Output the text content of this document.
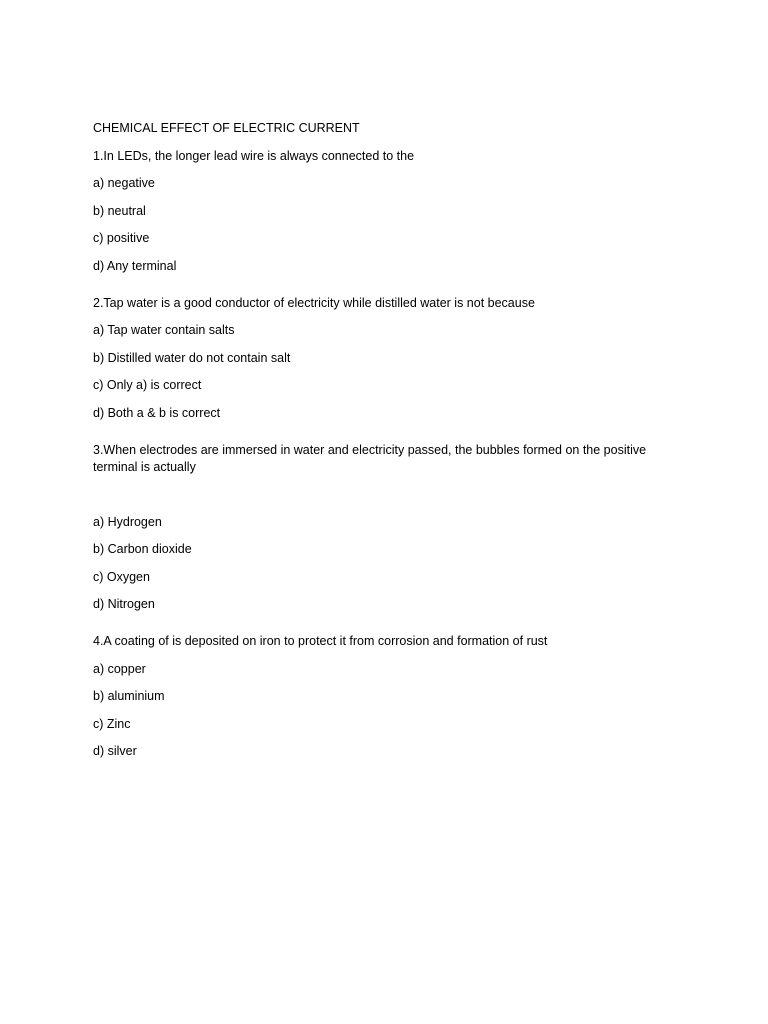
CHEMICAL EFFECT OF ELECTRIC CURRENT
1.In LEDs, the longer lead wire is always connected to the
a) negative
b) neutral
c) positive
d) Any terminal
2.Tap water is a good conductor of electricity while distilled water is not because
a) Tap water contain salts
b) Distilled water do not contain salt
c) Only a) is correct
d) Both a & b is correct
3.When electrodes are immersed in water and electricity passed, the bubbles formed on the positive terminal is actually
a) Hydrogen
b) Carbon dioxide
c) Oxygen
d) Nitrogen
4.A coating of is deposited on iron to protect it from corrosion and formation of rust
a) copper
b) aluminium
c) Zinc
d) silver
